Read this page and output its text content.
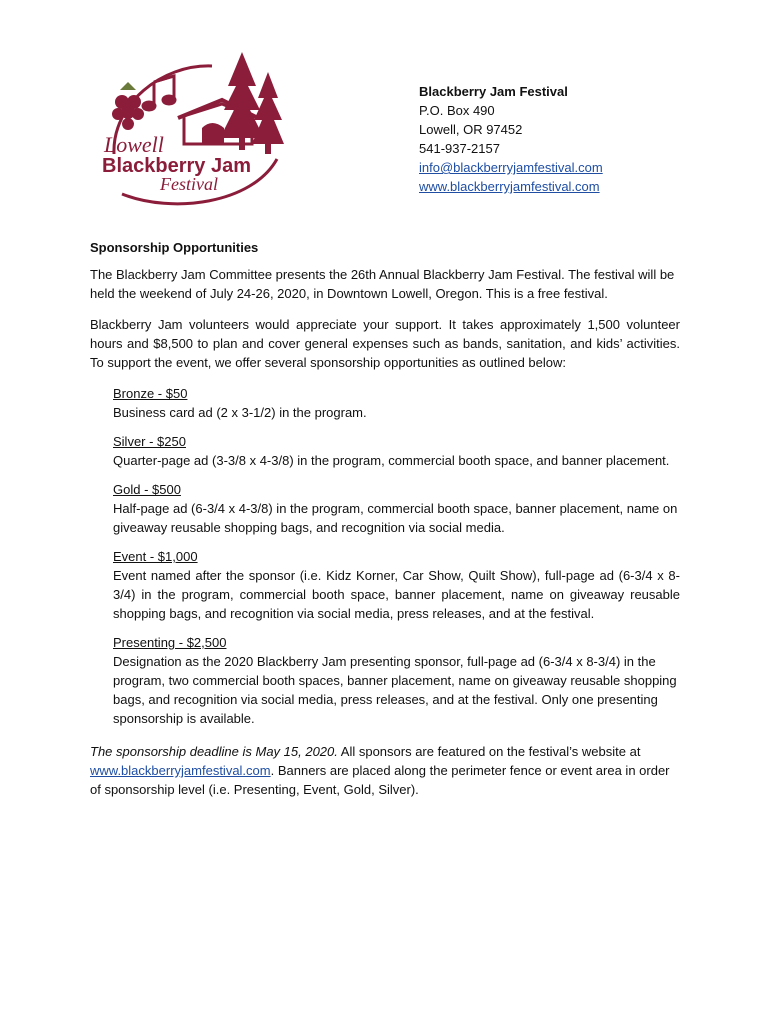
Lowell
Blackberry Jam
Festival
Blackberry Jam Festival
P.O. Box 490
Lowell, OR 97452
541-937-2157
info@blackberryjamfestival.com
www.blackberryjamfestival.com
Sponsorship Opportunities

The Blackberry Jam Committee presents the 26th Annual Blackberry Jam Festival. The festival will be held the weekend of July 24-26, 2020, in Downtown Lowell, Oregon. This is a free festival.

Blackberry Jam volunteers would appreciate your support. It takes approximately 1,500 volunteer hours and $8,500 to plan and cover general expenses such as bands, sanitation, and kids’ activities. To support the event, we offer several sponsorship opportunities as outlined below:

Bronze - $50
Business card ad (2 x 3-1/2) in the program.
Silver - $250
Quarter-page ad (3-3/8 x 4-3/8) in the program, commercial booth space, and banner placement.
Gold - $500
Half-page ad (6-3/4 x 4-3/8) in the program, commercial booth space, banner placement, name on giveaway reusable shopping bags, and recognition via social media.
Event - $1,000
Event named after the sponsor (i.e. Kidz Korner, Car Show, Quilt Show), full-page ad (6-3/4 x 8-3/4) in the program, commercial booth space, banner placement, name on giveaway reusable shopping bags, and recognition via social media, press releases, and at the festival.
Presenting - $2,500
Designation as the 2020 Blackberry Jam presenting sponsor, full-page ad (6-3/4 x 8-3/4) in the program, two commercial booth spaces, banner placement, name on giveaway reusable shopping bags, and recognition via social media, press releases, and at the festival. Only one presenting sponsorship is available.

The sponsorship deadline is May 15, 2020. All sponsors are featured on the festival’s website at www.blackberryjamfestival.com. Banners are placed along the perimeter fence or event area in order of sponsorship level (i.e. Presenting, Event, Gold, Silver).
